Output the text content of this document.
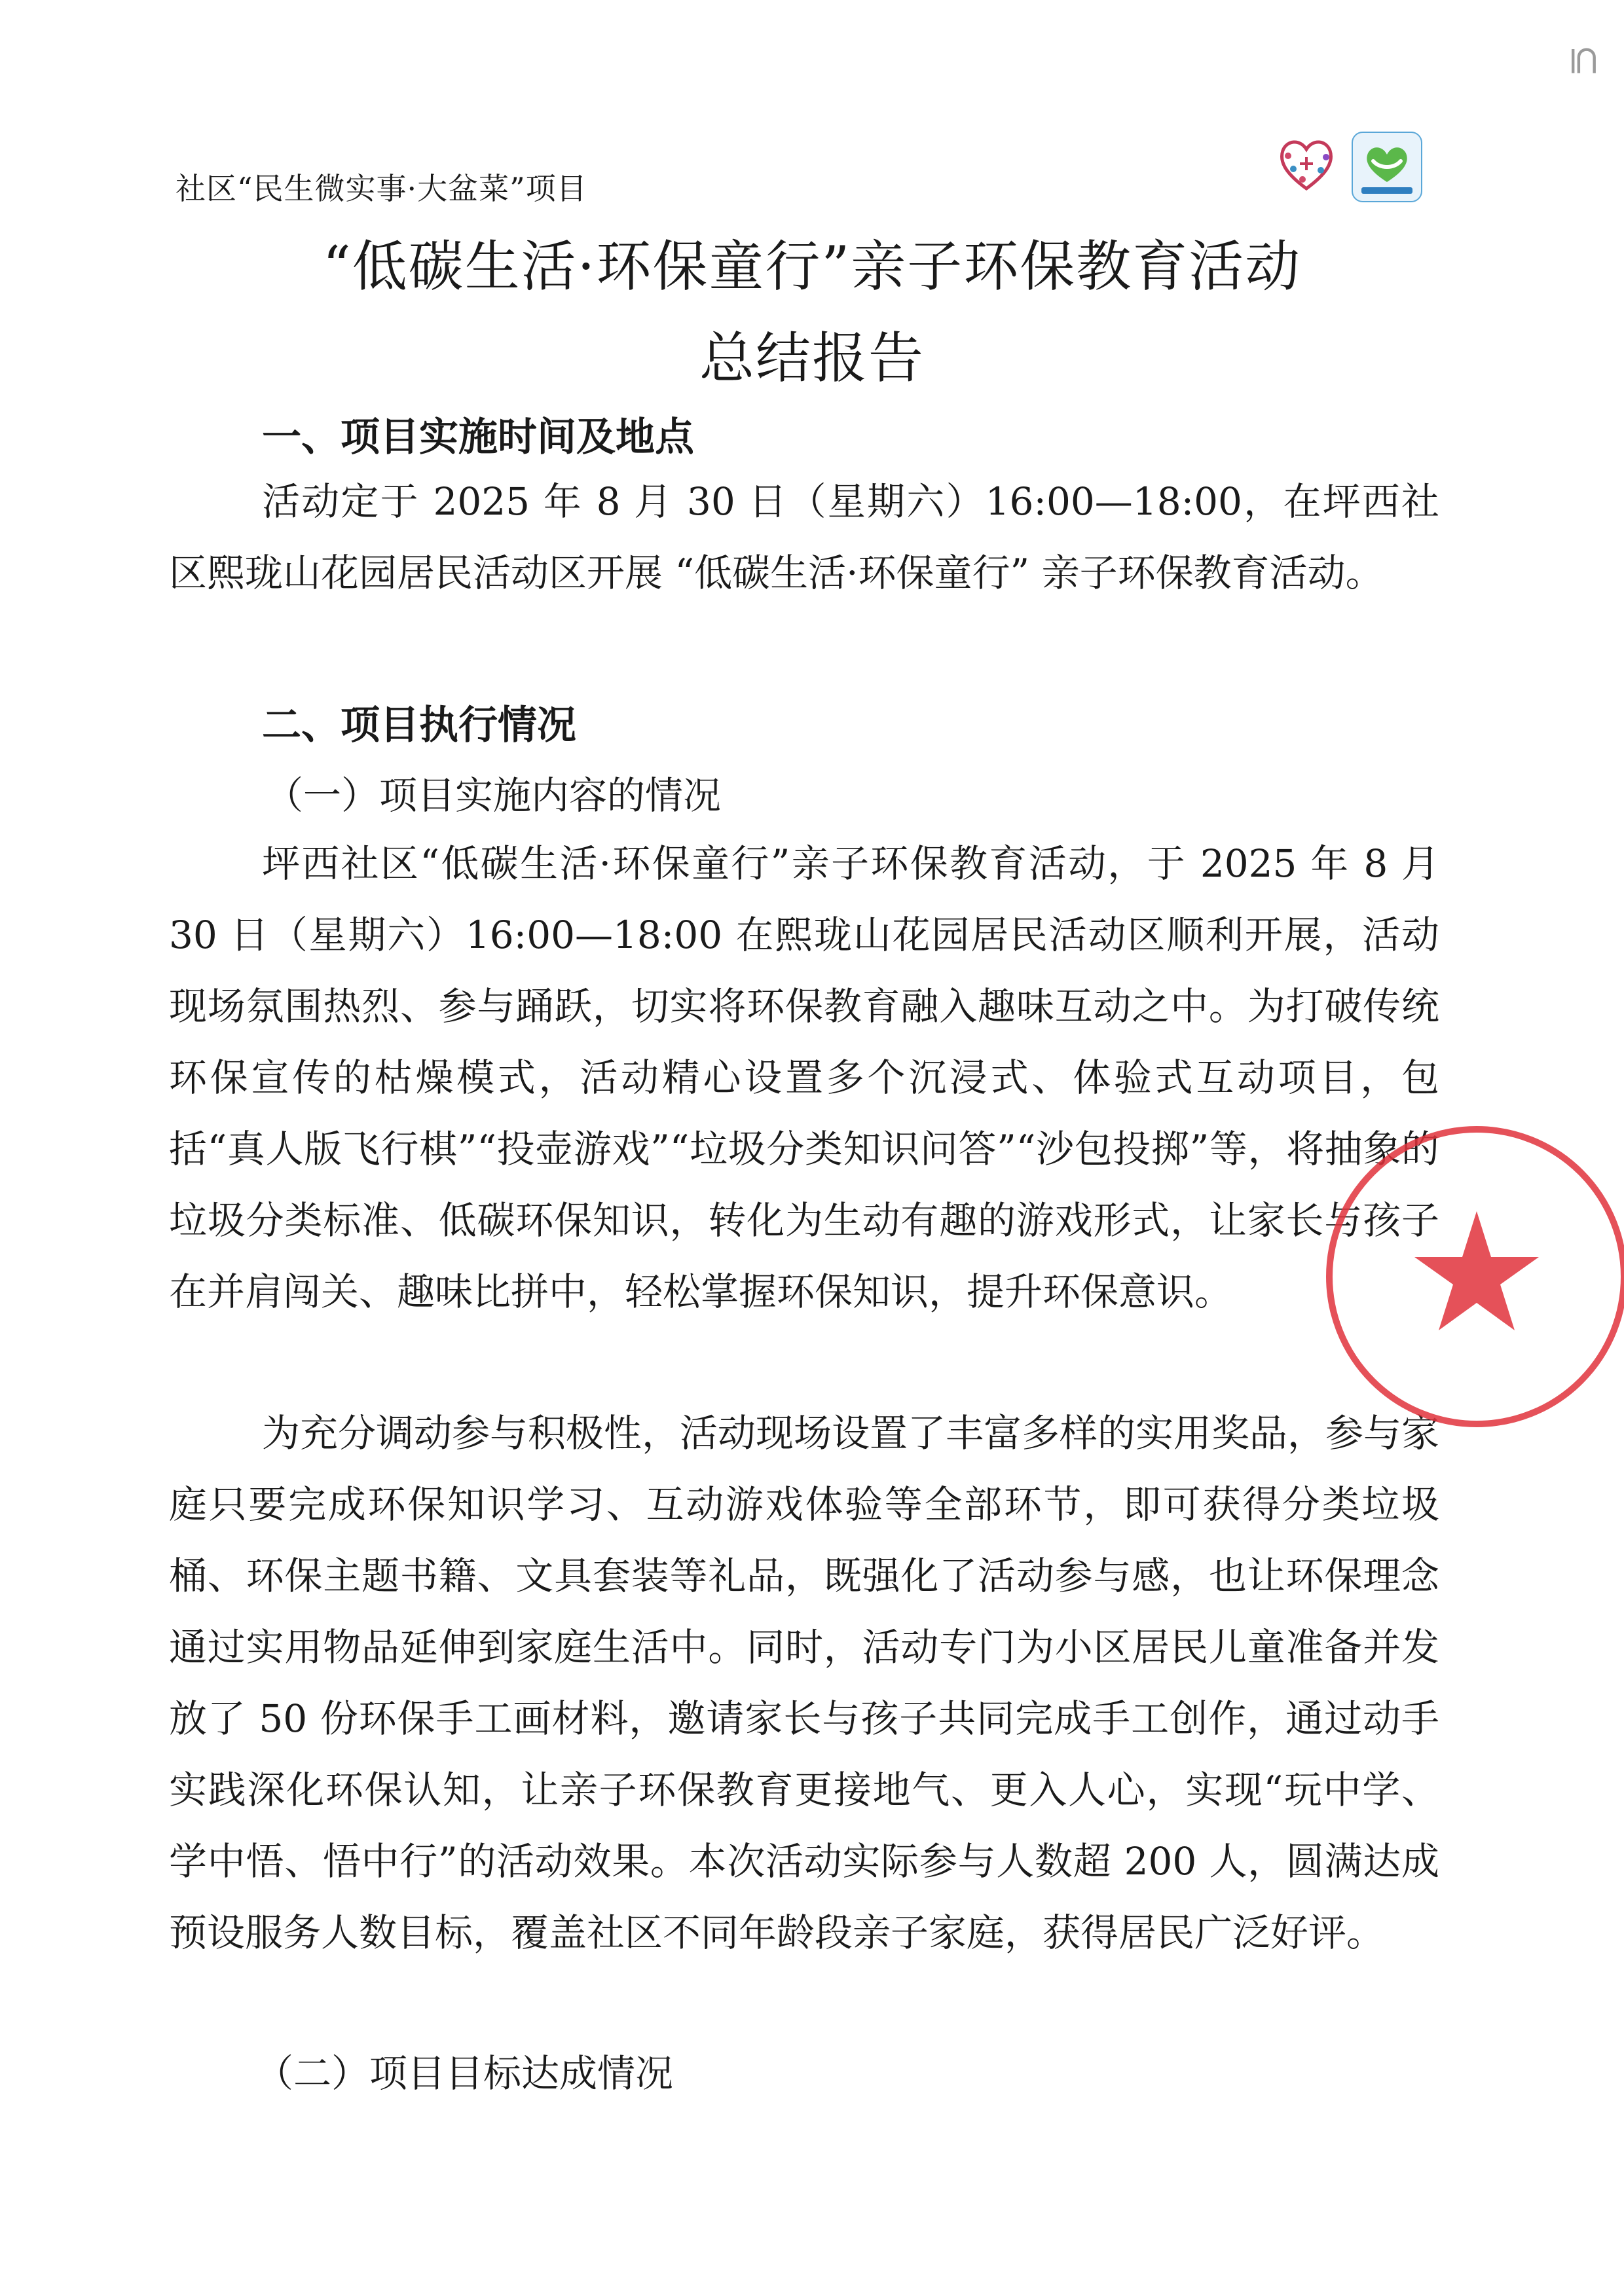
⊆
社区“民生微实事·大盆菜”项目
“低碳生活·环保童行”亲子环保教育活动
总结报告
一、项目实施时间及地点

活动定于 2025 年 8 月 30 日（星期六）16:00—18:00，在坪西社区熙珑山花园居民活动区开展 “低碳生活·环保童行” 亲子环保教育活动。

二、项目执行情况
（一）项目实施内容的情况

坪西社区“低碳生活·环保童行”亲子环保教育活动，于 2025 年 8 月 30 日（星期六）16:00—18:00 在熙珑山花园居民活动区顺利开展，活动现场氛围热烈、参与踊跃，切实将环保教育融入趣味互动之中。为打破传统环保宣传的枯燥模式，活动精心设置多个沉浸式、体验式互动项目，包括“真人版飞行棋”“投壶游戏”“垃圾分类知识问答”“沙包投掷”等，将抽象的垃圾分类标准、低碳环保知识，转化为生动有趣的游戏形式，让家长与孩子在并肩闯关、趣味比拼中，轻松掌握环保知识，提升环保意识。

为充分调动参与积极性，活动现场设置了丰富多样的实用奖品，参与家庭只要完成环保知识学习、互动游戏体验等全部环节，即可获得分类垃圾桶、环保主题书籍、文具套装等礼品，既强化了活动参与感，也让环保理念通过实用物品延伸到家庭生活中。同时，活动专门为小区居民儿童准备并发放了 50 份环保手工画材料，邀请家长与孩子共同完成手工创作，通过动手实践深化环保认知，让亲子环保教育更接地气、更入人心，实现“玩中学、学中悟、悟中行”的活动效果。本次活动实际参与人数超 200 人，圆满达成预设服务人数目标，覆盖社区不同年龄段亲子家庭，获得居民广泛好评。

（二）项目目标达成情况
